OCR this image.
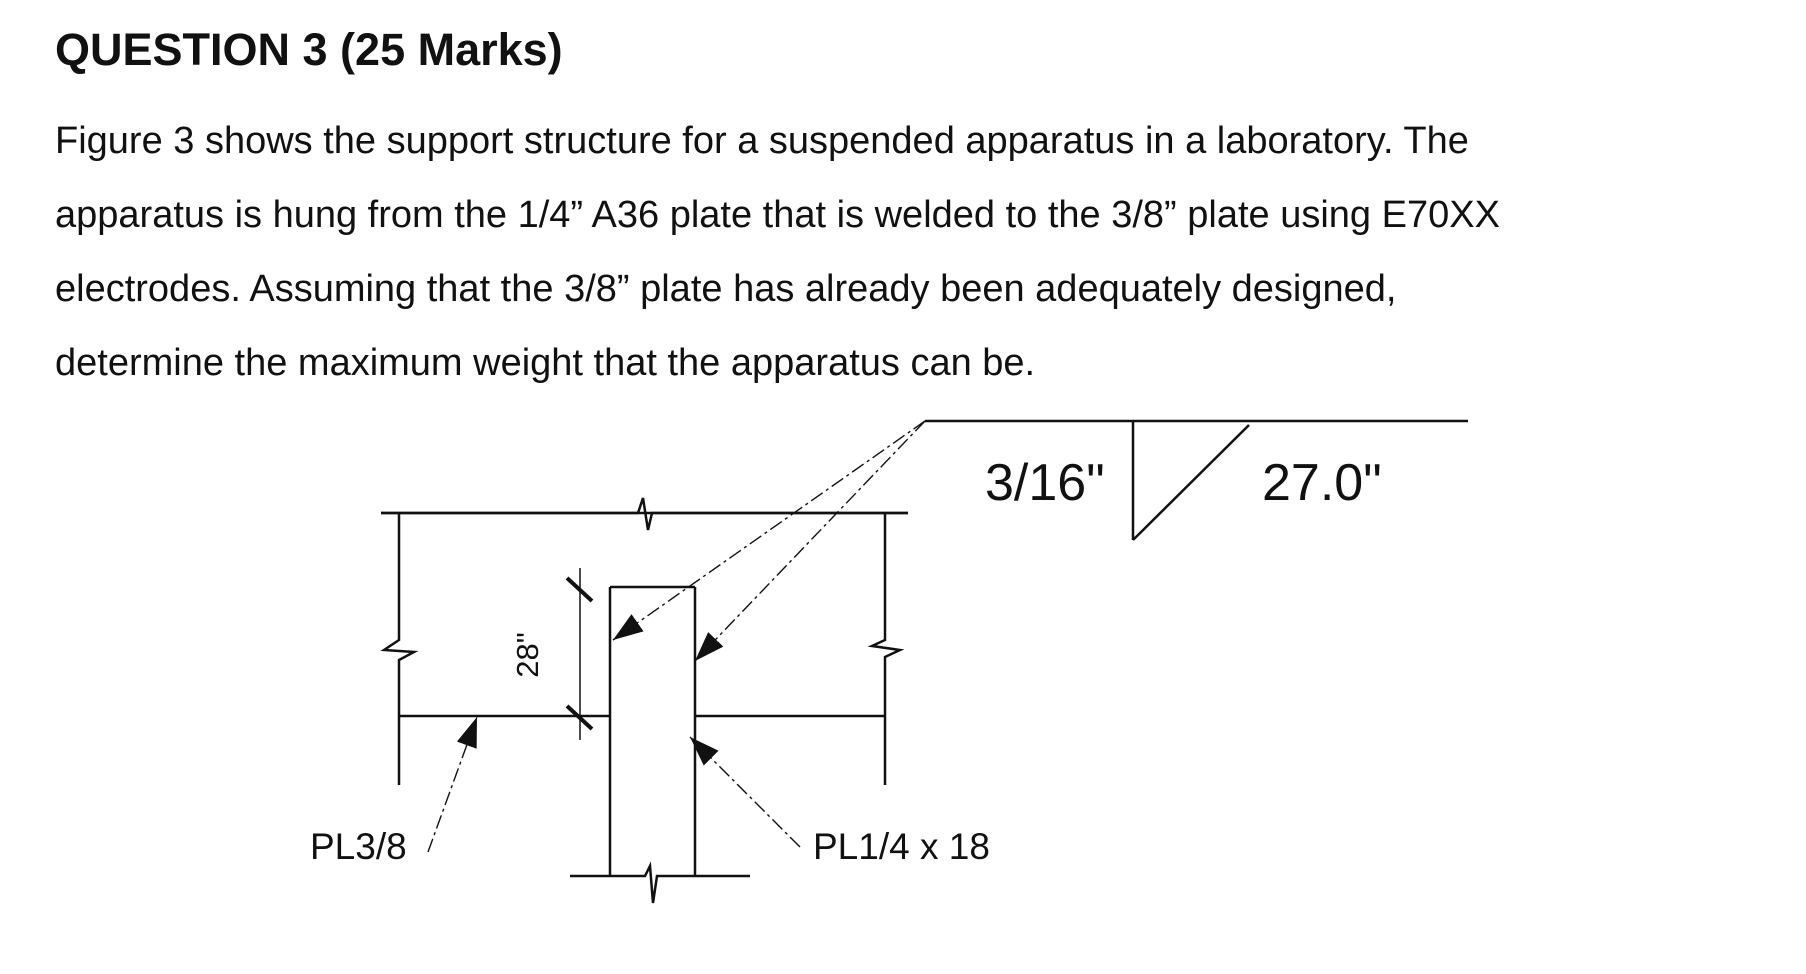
QUESTION 3 (25 Marks)
Figure 3 shows the support structure for a suspended apparatus in a laboratory. The
apparatus is hung from the 1/4” A36 plate that is welded to the 3/8” plate using E70XX
electrodes. Assuming that the 3/8” plate has already been adequately designed,
determine the maximum weight that the apparatus can be.
28"
3/16"	27.0"
PL3/8	PL1/4 x 18
